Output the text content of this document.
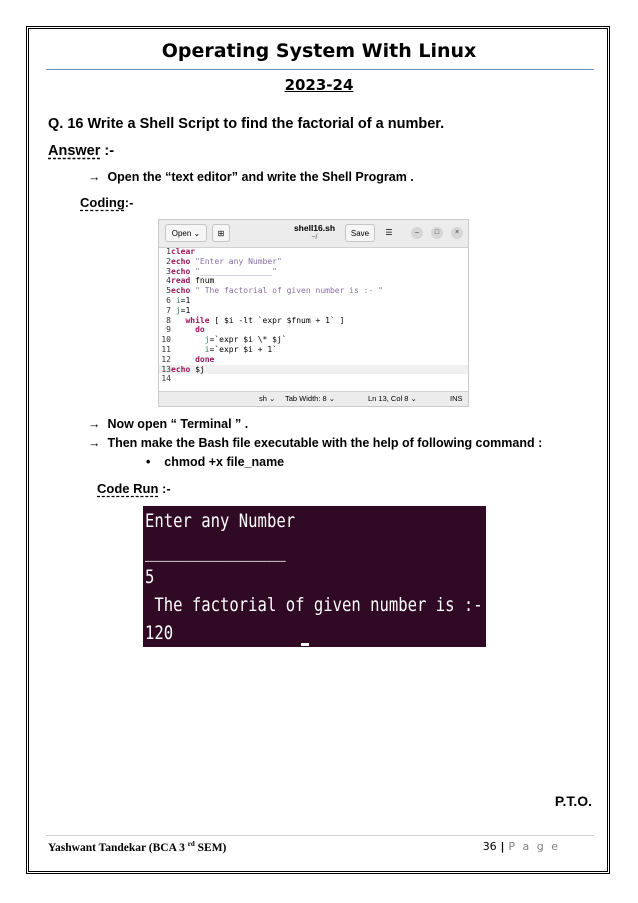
Operating System With Linux
2023-24
Q. 16 Write a Shell Script to find the factorial of a number.
Answer :-
→ Open the “text editor” and write the Shell Program .
Coding:-
Open ⌄	⊞
shell16.sh
~/	Save	☰	–	□	×
1clear
2echo "Enter any Number"
3echo "_______________"
4read fnum
5echo " The factorial of given number is :- "
6 i=1
7 j=1
8   while [ $i -lt `expr $fnum + 1` ]
9     do
10       j=`expr $i \* $j`
11       i=`expr $i + 1`
12     done
13echo $j
14
sh ⌄ Tab Width: 8 ⌄	Ln 13, Col 8 ⌄	INS
→ Now open “ Terminal ” .
→ Then make the Bash file executable with the help of following command :
• chmod +x file_name
Code Run :-
Enter any Number
_______________
5
The factorial of given number is :-
120
P.T.O.
Yashwant Tandekar (BCA 3 $^{rd}$ SEM)	36 | P a g e
